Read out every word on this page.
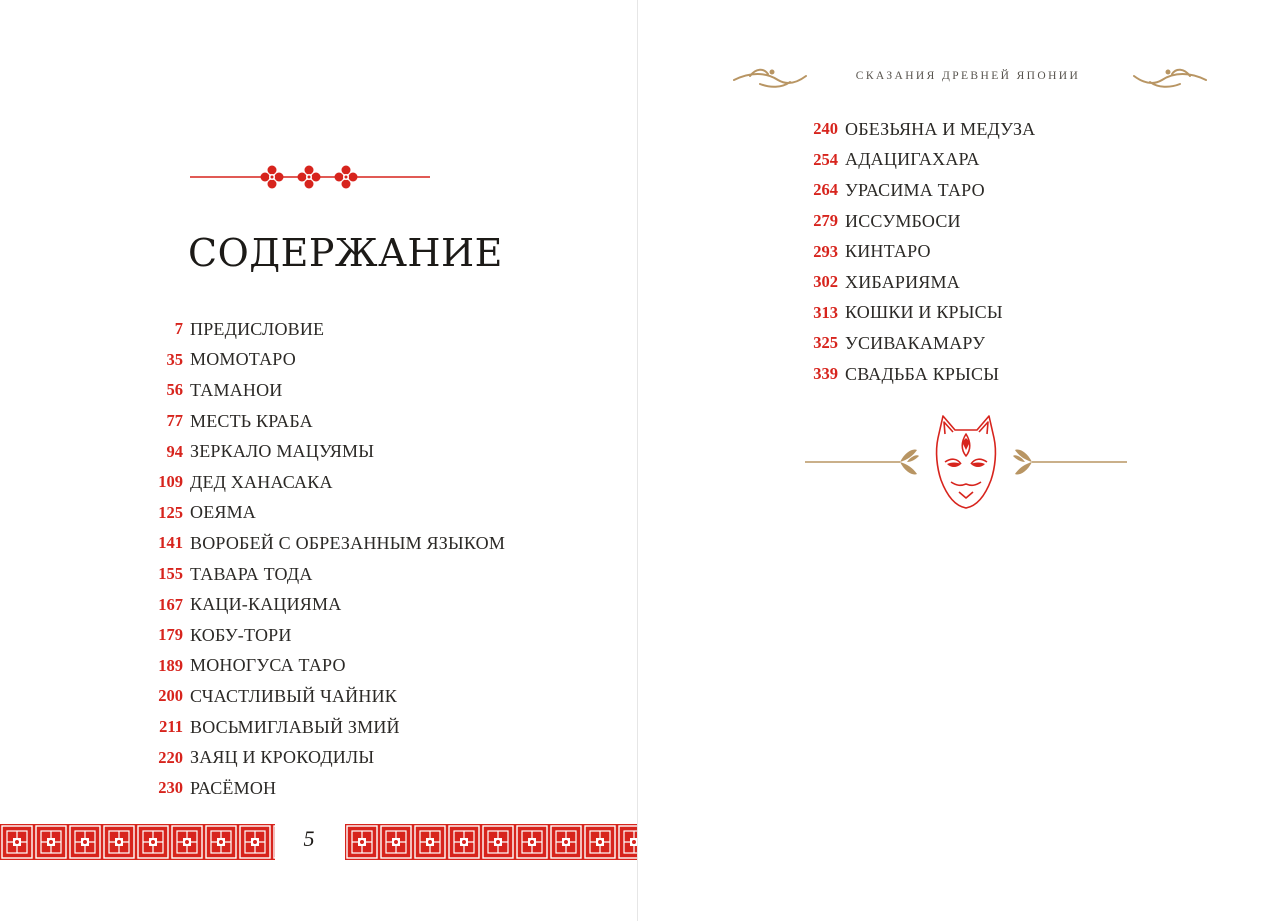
СОДЕРЖАНИЕ
7 ПРЕДИСЛОВИЕ
35 МОМОТАРО
56 ТАМАНОИ
77 МЕСТЬ КРАБА
94 ЗЕРКАЛО МАЦУЯМЫ
109 ДЕД ХАНАСАКА
125 ОЕЯМА
141 ВОРОБЕЙ С ОБРЕЗАННЫМ ЯЗЫКОМ
155 ТАВАРА ТОДА
167 КАЦИ-КАЦИЯМА
179 КОБУ-ТОРИ
189 МОНОГУСА ТАРО
200 СЧАСТЛИВЫЙ ЧАЙНИК
211 ВОСЬМИГЛАВЫЙ ЗМИЙ
220 ЗАЯЦ И КРОКОДИЛЫ
230 РАСЁМОН
5
СКАЗАНИЯ ДРЕВНЕЙ ЯПОНИИ
240 ОБЕЗЬЯНА И МЕДУЗА
254 АДАЦИГАХАРА
264 УРАСИМА ТАРО
279 ИССУМБОСИ
293 КИНТАРО
302 ХИБАРИЯМА
313 КОШКИ И КРЫСЫ
325 УСИВАКАМАРУ
339 СВАДЬБА КРЫСЫ
